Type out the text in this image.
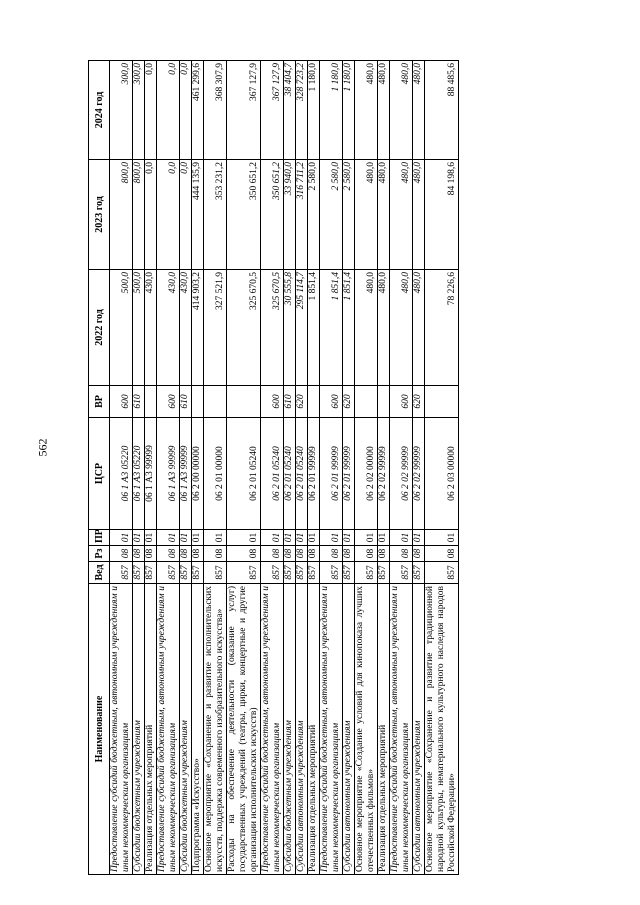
562
Наименование	Вед	Рз	ПР	ЦСР	ВР	2022 год	2023 год	2024 год
Предоставление субсидий бюджетным, автономным учреждениям и иным некоммерческим организациям	857	08	01	06 1 А3 05220	600	500,0	800,0	300,0
Субсидии бюджетным учреждениям	857	08	01	06 1 А3 05220	610	500,0	800,0	300,0
Реализация отдельных мероприятий	857	08	01	06 1 А3 99999		430,0	0,0	0,0
Предоставление субсидий бюджетным, автономным учреждениям и иным некоммерческим организациям	857	08	01	06 1 А3 99999	600	430,0	0,0	0,0
Субсидии бюджетным учреждениям	857	08	01	06 1 А3 99999	610	430,0	0,0	0,0
Подпрограмма «Искусство»	857	08	01	06 2 00 00000		414 903,2	444 135,9	461 299,6
Основное мероприятие «Сохранение и развитие исполнительских искусств, поддержка современного изобразительного искусства»	857	08	01	06 2 01 00000		327 521,9	353 231,2	368 307,9
Расходы на обеспечение деятельности (оказание услуг) государственных учреждений (театры, цирки, концертные и другие организации исполнительских искусств)	857	08	01	06 2 01 05240		325 670,5	350 651,2	367 127,9
Предоставление субсидий бюджетным, автономным учреждениям и иным некоммерческим организациям	857	08	01	06 2 01 05240	600	325 670,5	350 651,2	367 127,9
Субсидии бюджетным учреждениям	857	08	01	06 2 01 05240	610	30 555,8	33 940,0	38 404,7
Субсидии автономным учреждениям	857	08	01	06 2 01 05240	620	295 114,7	316 711,2	328 723,2
Реализация отдельных мероприятий	857	08	01	06 2 01 99999		1 851,4	2 580,0	1 180,0
Предоставление субсидий бюджетным, автономным учреждениям и иным некоммерческим организациям	857	08	01	06 2 01 99999	600	1 851,4	2 580,0	1 180,0
Субсидии автономным учреждениям	857	08	01	06 2 01 99999	620	1 851,4	2 580,0	1 180,0
Основное мероприятие «Создание условий для кинопоказа лучших отечественных фильмов»	857	08	01	06 2 02 00000		480,0	480,0	480,0
Реализация отдельных мероприятий	857	08	01	06 2 02 99999		480,0	480,0	480,0
Предоставление субсидий бюджетным, автономным учреждениям и иным некоммерческим организациям	857	08	01	06 2 02 99999	600	480,0	480,0	480,0
Субсидии автономным учреждениям	857	08	01	06 2 02 99999	620	480,0	480,0	480,0
Основное мероприятие «Сохранение и развитие традиционной народной культуры, нематериального культурного наследия народов Российской Федерации»	857	08	01	06 2 03 00000		78 226,6	84 198,6	88 485,6
